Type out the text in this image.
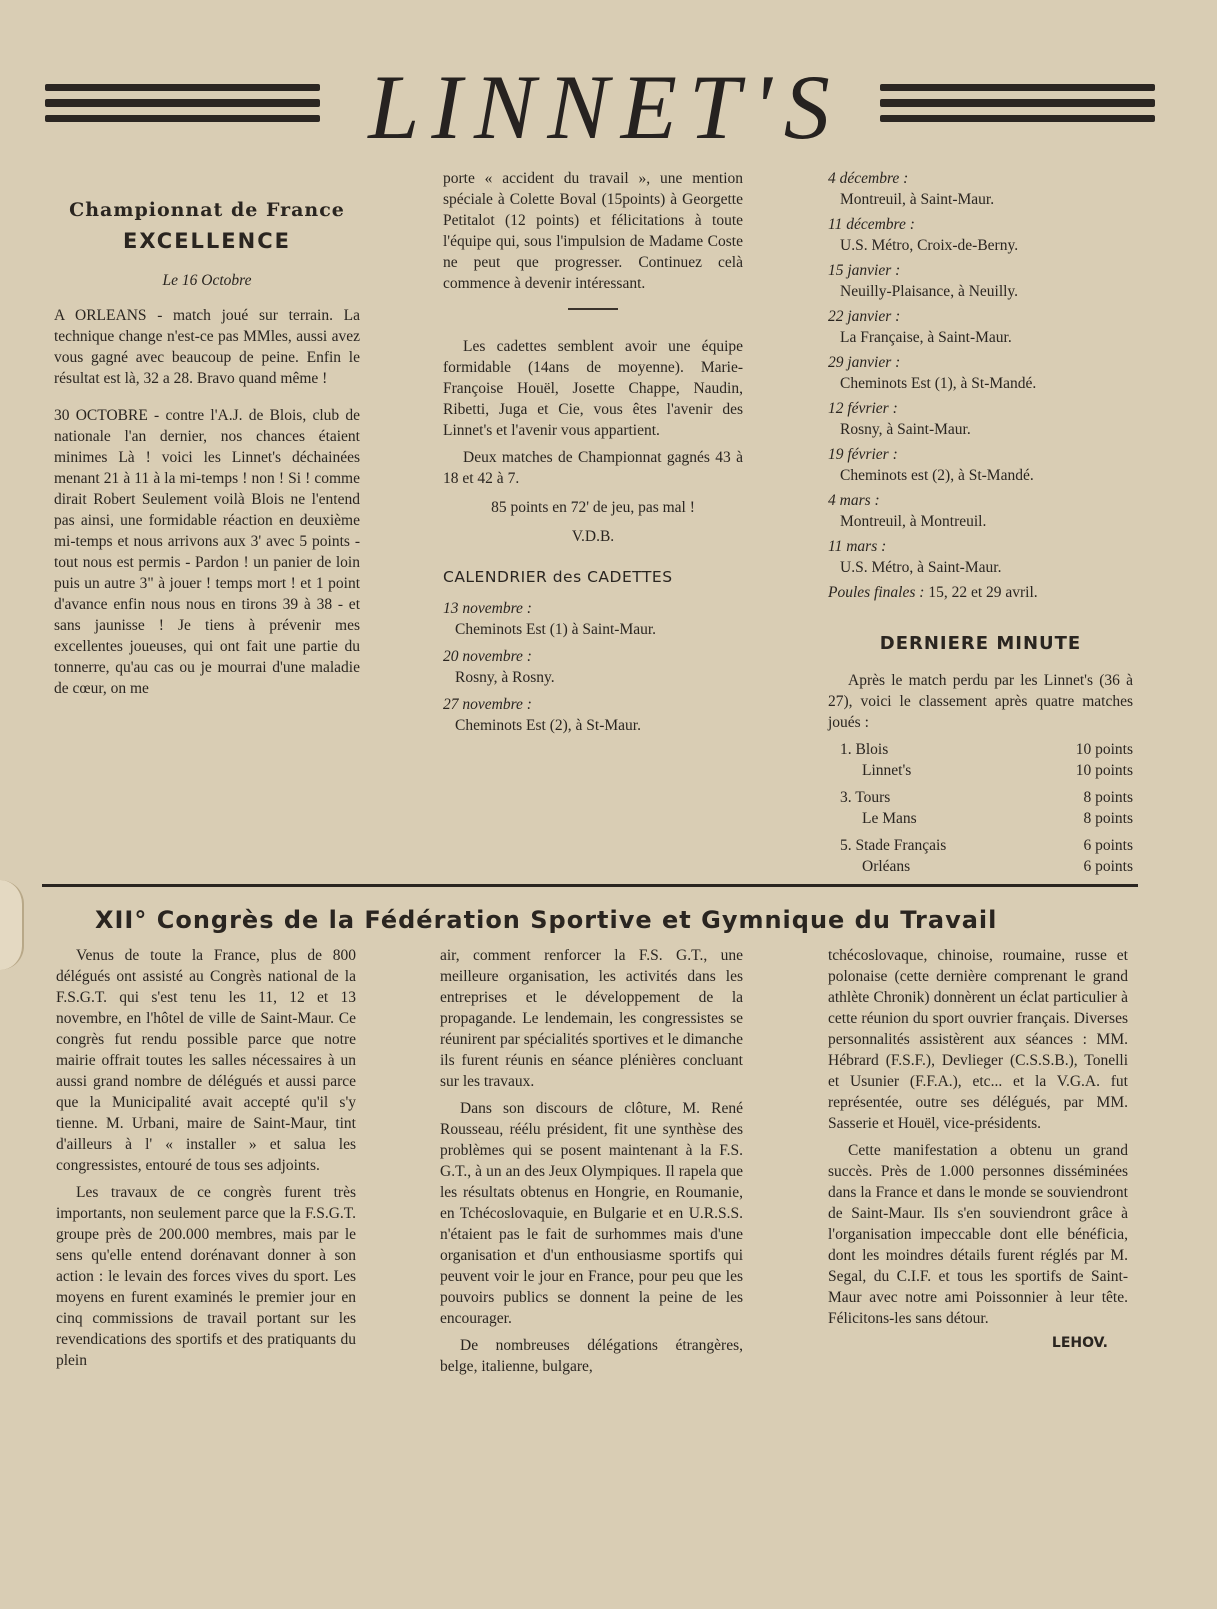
LINNET'S
Championnat de France
EXCELLENCE
Le 16 Octobre

A ORLEANS - match joué sur terrain. La technique change n'est-ce pas MMles, aussi avez vous gagné avec beaucoup de peine. Enfin le résultat est là, 32 a 28. Bravo quand même !

30 OCTOBRE - contre l'A.J. de Blois, club de nationale l'an dernier, nos chances étaient minimes Là ! voici les Linnet's déchainées menant 21 à 11 à la mi-temps ! non ! Si ! comme dirait Robert Seulement voilà Blois ne l'entend pas ainsi, une formidable réaction en deuxième mi-temps et nous arrivons aux 3' avec 5 points - tout nous est permis - Pardon ! un panier de loin puis un autre 3" à jouer ! temps mort ! et 1 point d'avance enfin nous nous en tirons 39 à 38 - et sans jaunisse ! Je tiens à prévenir mes excellentes joueuses, qui ont fait une partie du tonnerre, qu'au cas ou je mourrai d'une maladie de cœur, on me

porte « accident du travail », une mention spéciale à Colette Boval (15points) à Georgette Petitalot (12 points) et félicitations à toute l'équipe qui, sous l'impulsion de Madame Coste ne peut que progresser. Continuez celà commence à devenir intéressant.

Les cadettes semblent avoir une équipe formidable (14ans de moyenne). Marie-Françoise Houël, Josette Chappe, Naudin, Ribetti, Juga et Cie, vous êtes l'avenir des Linnet's et l'avenir vous appartient.

Deux matches de Championnat gagnés 43 à 18 et 42 à 7.

85 points en 72' de jeu, pas mal !

V.D.B.

CALENDRIER des CADETTES
13 novembre :
Cheminots Est (1) à Saint-Maur.
20 novembre :
Rosny, à Rosny.
27 novembre :
Cheminots Est (2), à St-Maur.
4 décembre :
Montreuil, à Saint-Maur.
11 décembre :
U.S. Métro, Croix-de-Berny.
15 janvier :
Neuilly-Plaisance, à Neuilly.
22 janvier :
La Française, à Saint-Maur.
29 janvier :
Cheminots Est (1), à St-Mandé.
12 février :
Rosny, à Saint-Maur.
19 février :
Cheminots est (2), à St-Mandé.
4 mars :
Montreuil, à Montreuil.
11 mars :
U.S. Métro, à Saint-Maur.
Poules finales : 15, 22 et 29 avril.
DERNIERE MINUTE

Après le match perdu par les Linnet's (36 à 27), voici le classement après quatre matches joués :

1. Blois	10 points
Linnet's	10 points
3. Tours	8 points
Le Mans	8 points
5. Stade Français	6 points
Orléans	6 points
XII° Congrès de la Fédération Sportive et Gymnique du Travail

Venus de toute la France, plus de 800 délégués ont assisté au Congrès national de la F.S.G.T. qui s'est tenu les 11, 12 et 13 novembre, en l'hôtel de ville de Saint-Maur. Ce congrès fut rendu possible parce que notre mairie offrait toutes les salles nécessaires à un aussi grand nombre de délégués et aussi parce que la Municipalité avait accepté qu'il s'y tienne. M. Urbani, maire de Saint-Maur, tint d'ailleurs à l' « installer » et salua les congressistes, entouré de tous ses adjoints.

Les travaux de ce congrès furent très importants, non seulement parce que la F.S.G.T. groupe près de 200.000 membres, mais par le sens qu'elle entend dorénavant donner à son action : le levain des forces vives du sport. Les moyens en furent examinés le premier jour en cinq commissions de travail portant sur les revendications des sportifs et des pratiquants du plein

air, comment renforcer la F.S. G.T., une meilleure organisation, les activités dans les entreprises et le développement de la propagande. Le lendemain, les congressistes se réunirent par spécialités sportives et le dimanche ils furent réunis en séance plénières concluant sur les travaux.

Dans son discours de clôture, M. René Rousseau, réélu président, fit une synthèse des problèmes qui se posent maintenant à la F.S. G.T., à un an des Jeux Olympiques. Il rapela que les résultats obtenus en Hongrie, en Roumanie, en Tchécoslovaquie, en Bulgarie et en U.R.S.S. n'étaient pas le fait de surhommes mais d'une organisation et d'un enthousiasme sportifs qui peuvent voir le jour en France, pour peu que les pouvoirs publics se donnent la peine de les encourager.

De nombreuses délégations étrangères, belge, italienne, bulgare,

tchécoslovaque, chinoise, roumaine, russe et polonaise (cette dernière comprenant le grand athlète Chronik) donnèrent un éclat particulier à cette réunion du sport ouvrier français. Diverses personnalités assistèrent aux séances : MM. Hébrard (F.S.F.), Devlieger (C.S.S.B.), Tonelli et Usunier (F.F.A.), etc... et la V.G.A. fut représentée, outre ses délégués, par MM. Sasserie et Houël, vice-présidents.

Cette manifestation a obtenu un grand succès. Près de 1.000 personnes disséminées dans la France et dans le monde se souviendront de Saint-Maur. Ils s'en souviendront grâce à l'organisation impeccable dont elle bénéficia, dont les moindres détails furent réglés par M. Segal, du C.I.F. et tous les sportifs de Saint-Maur avec notre ami Poissonnier à leur tête. Félicitons-les sans détour.

LEHOV.
